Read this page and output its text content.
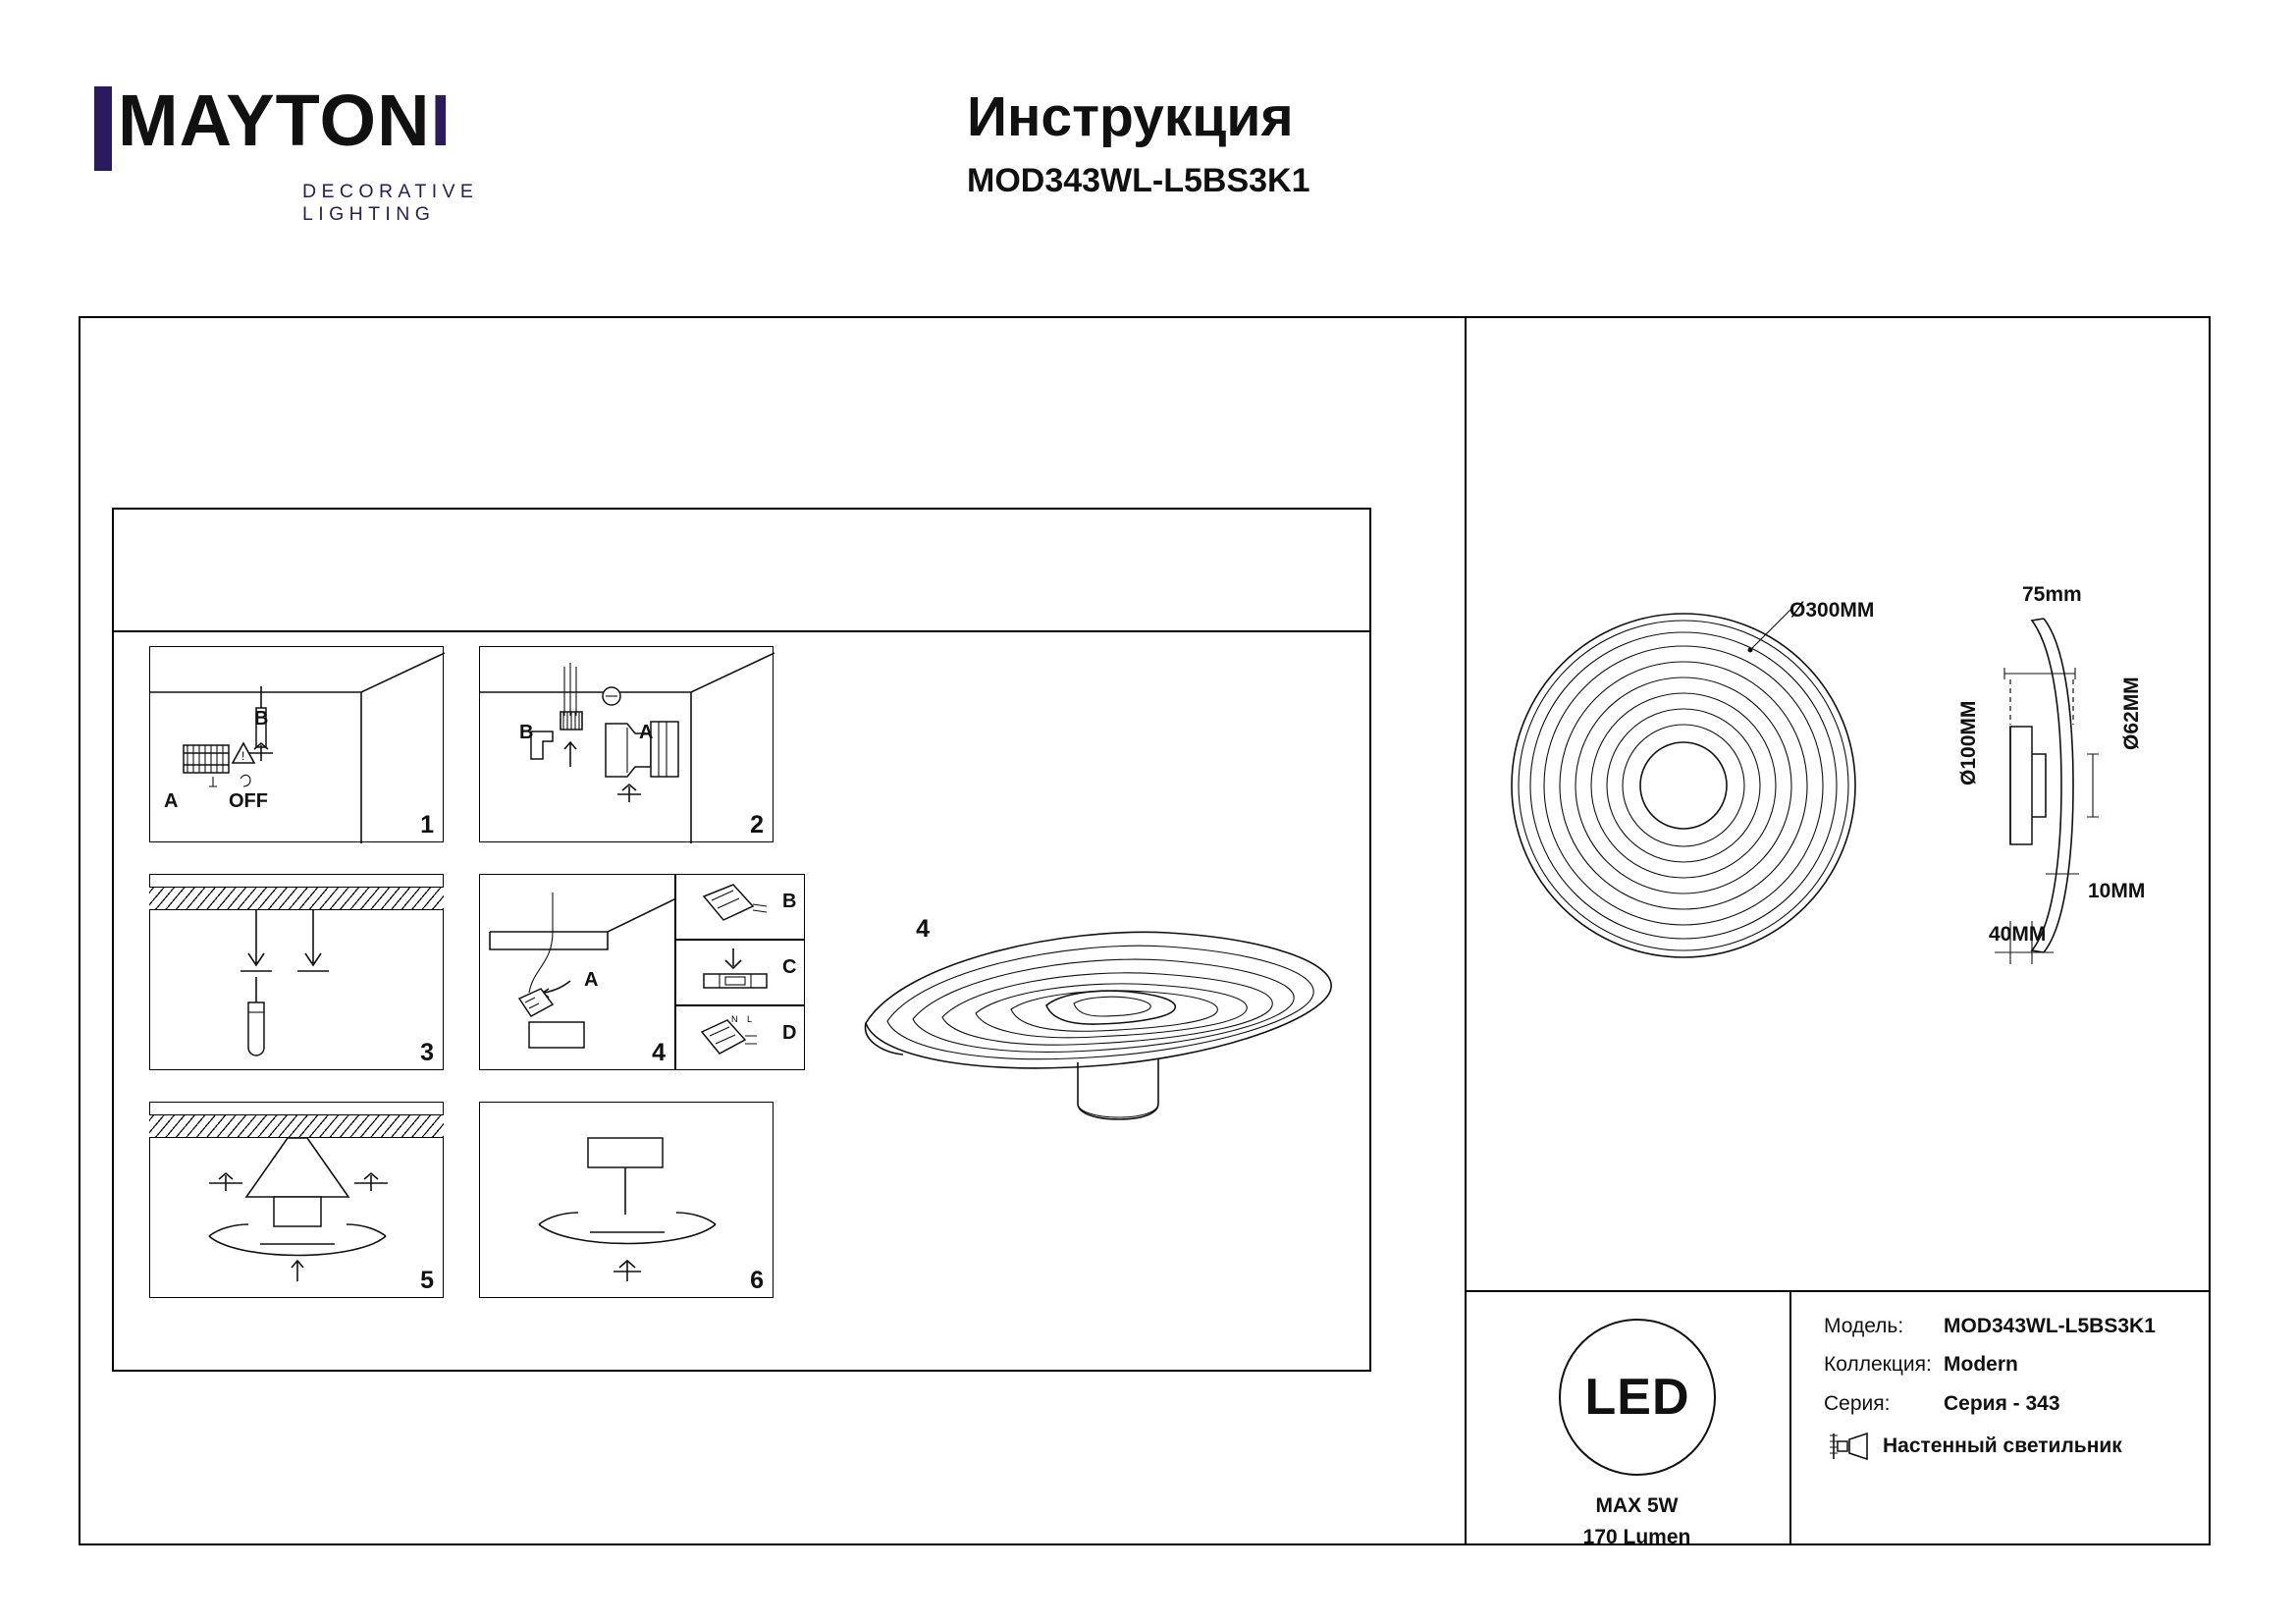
MAYTONI
DECORATIVE LIGHTING
Инструкция
MOD343WL-L5BS3K1
!
A
B
OFF
1
A
B
2
3
A
4
B
C
N L
D
4
5	6
Ø300MM
Ø100MM
75mm
Ø62MM
10MM
40MM
LED
MAX 5W
170 Lumen
Модель:	MOD343WL-L5BS3K1
Коллекция: Modern
Серия:	Серия - 343
Настенный светильник
